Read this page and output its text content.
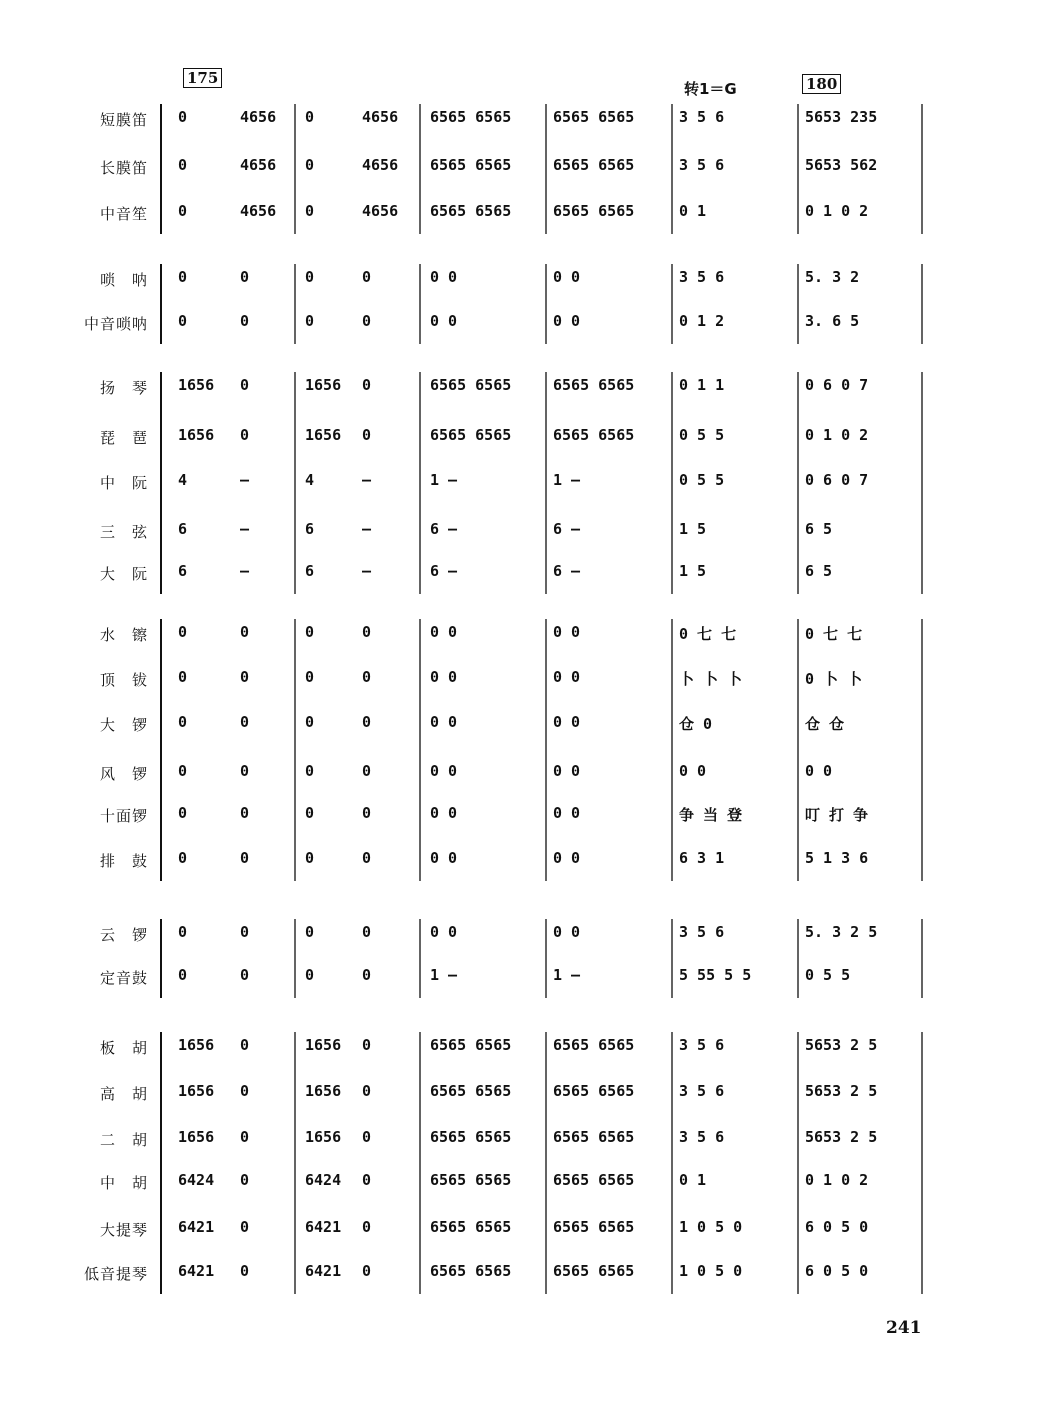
175
转1＝G	180
短膜笛 0	4656 0	4656 6565 6565	6565 6565	3 5 6	5653 235
长膜笛 0	4656 0	4656 6565 6565	6565 6565	3 5 6	5653 562
中音笙 0	4656 0	4656 6565 6565	6565 6565	0 1	0 1 0 2
唢　呐 0	0	0	0	0 0	0 0	3 5 6	5. 3 2
中音唢呐 0	0	0	0	0 0	0 0	0 1 2	3. 6 5
扬　琴 1656 0	1656 0	6565 6565	6565 6565	0 1 1	0 6 0 7
琵　琶 1656 0	1656 0	6565 6565	6565 6565	0 5 5	0 1 0 2
中　阮 4	–	4	–	1 –	1 –	0 5 5	0 6 0 7
三　弦 6	–	6	–	6 –	6 –	1 5	6 5
大　阮 6	–	6	–	6 –	6 –	1 5	6 5
水　镲 0	0	0	0	0 0	0 0	0 七 七	0 七 七
顶　钹 0	0	0	0	0 0	0 0	卜 卜 卜	0 卜 卜
大　锣 0	0	0	0	0 0	0 0	仓 0	仓 仓
风　锣 0	0	0	0	0 0	0 0	0 0	0 0
十面锣 0	0	0	0	0 0	0 0	争 当 登	叮 打 争
排　鼓 0	0	0	0	0 0	0 0	6 3 1	5 1 3 6
云　锣 0	0	0	0	0 0	0 0	3 5 6	5. 3 2 5
定音鼓 0	0	0	0	1 –	1 –	5 55 5 5	0 5 5
板　胡 1656 0	1656 0	6565 6565	6565 6565	3 5 6	5653 2 5
高　胡 1656 0	1656 0	6565 6565	6565 6565	3 5 6	5653 2 5
二　胡 1656 0	1656 0	6565 6565	6565 6565	3 5 6	5653 2 5
中　胡 6424 0	6424 0	6565 6565	6565 6565	0 1	0 1 0 2
大提琴 6421 0	6421 0	6565 6565	6565 6565	1 0 5 0	6 0 5 0
低音提琴 6421 0	6421 0	6565 6565	6565 6565	1 0 5 0	6 0 5 0
241
